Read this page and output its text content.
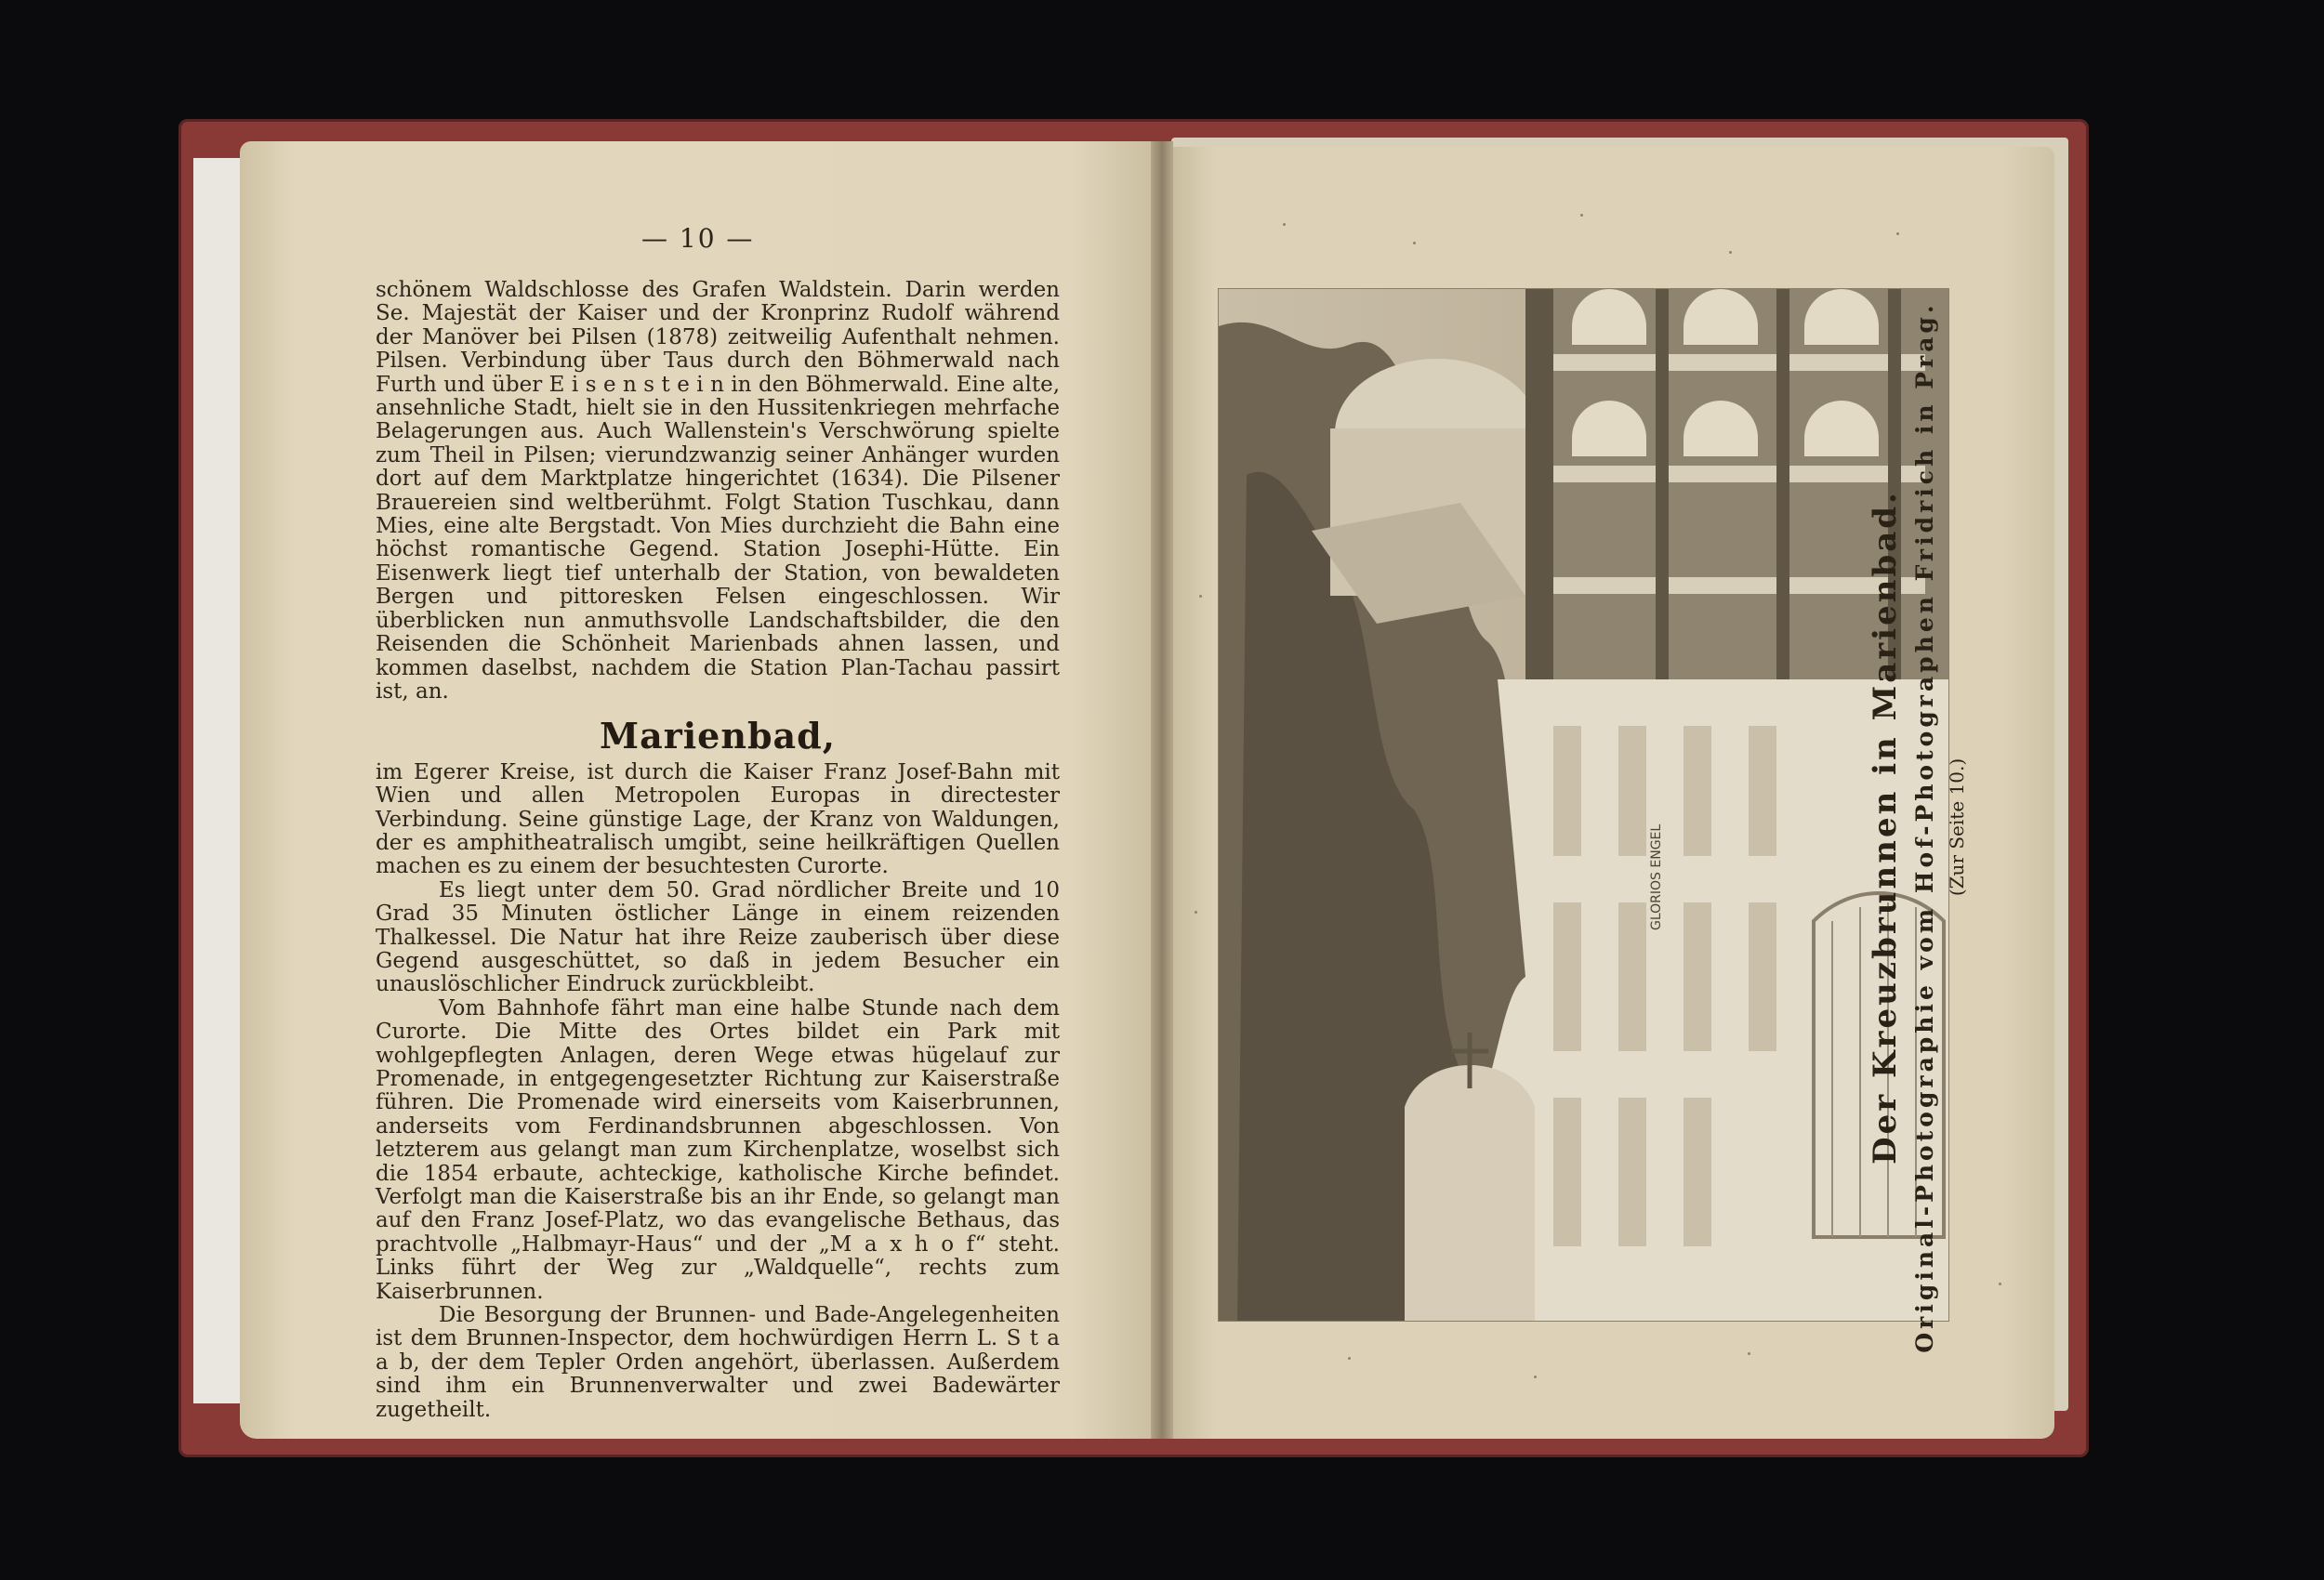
— 10 —

schönem Waldschlosse des Grafen Waldstein. Darin werden Se. Majestät der Kaiser und der Kronprinz Rudolf während der Manöver bei Pilsen (1878) zeitweilig Aufenthalt nehmen. Pilsen. Verbindung über Taus durch den Böhmerwald nach Furth und über E i s e n s t e i n in den Böhmerwald. Eine alte, ansehnliche Stadt, hielt sie in den Hussitenkriegen mehrfache Belagerungen aus. Auch Wallenstein's Verschwörung spielte zum Theil in Pilsen; vierundzwanzig seiner Anhänger wurden dort auf dem Marktplatze hingerichtet (1634). Die Pilsener Brauereien sind weltberühmt. Folgt Station Tuschkau, dann Mies, eine alte Bergstadt. Von Mies durchzieht die Bahn eine höchst romantische Gegend. Station Josephi-Hütte. Ein Eisenwerk liegt tief unterhalb der Station, von bewaldeten Bergen und pittoresken Felsen eingeschlossen. Wir überblicken nun anmuthsvolle Landschaftsbilder, die den Reisenden die Schönheit Marienbads ahnen lassen, und kommen daselbst, nachdem die Station Plan-Tachau passirt ist, an.

Marienbad,

im Egerer Kreise, ist durch die Kaiser Franz Josef-Bahn mit Wien und allen Metropolen Europas in directester Verbindung. Seine günstige Lage, der Kranz von Waldungen, der es amphitheatralisch umgibt, seine heilkräftigen Quellen machen es zu einem der besuchtesten Curorte.

Es liegt unter dem 50. Grad nördlicher Breite und 10 Grad 35 Minuten östlicher Länge in einem reizenden Thalkessel. Die Natur hat ihre Reize zauberisch über diese Gegend ausgeschüttet, so daß in jedem Besucher ein unauslöschlicher Eindruck zurückbleibt.

Vom Bahnhofe fährt man eine halbe Stunde nach dem Curorte. Die Mitte des Ortes bildet ein Park mit wohlgepflegten Anlagen, deren Wege etwas hügelauf zur Promenade, in entgegengesetzter Richtung zur Kaiserstraße führen. Die Promenade wird einerseits vom Kaiserbrunnen, anderseits vom Ferdinandsbrunnen abgeschlossen. Von letzterem aus gelangt man zum Kirchenplatze, woselbst sich die 1854 erbaute, achteckige, katholische Kirche befindet. Verfolgt man die Kaiserstraße bis an ihr Ende, so gelangt man auf den Franz Josef-Platz, wo das evangelische Bethaus, das prachtvolle „Halbmayr-Haus“ und der „M a x h o f“ steht. Links führt der Weg zur „Waldquelle“, rechts zum Kaiserbrunnen.

Die Besorgung der Brunnen- und Bade-Angelegenheiten ist dem Brunnen-Inspector, dem hochwürdigen Herrn L. S t a a b, der dem Tepler Orden angehört, überlassen. Außerdem sind ihm ein Brunnenverwalter und zwei Badewärter zugetheilt.

GLORIOS ENGEL	Der Kreuzbrunnen in Marienbad. Original-Photographie vom Hof-Photographen Fridrich in Prag. (Zur Seite 10.)
